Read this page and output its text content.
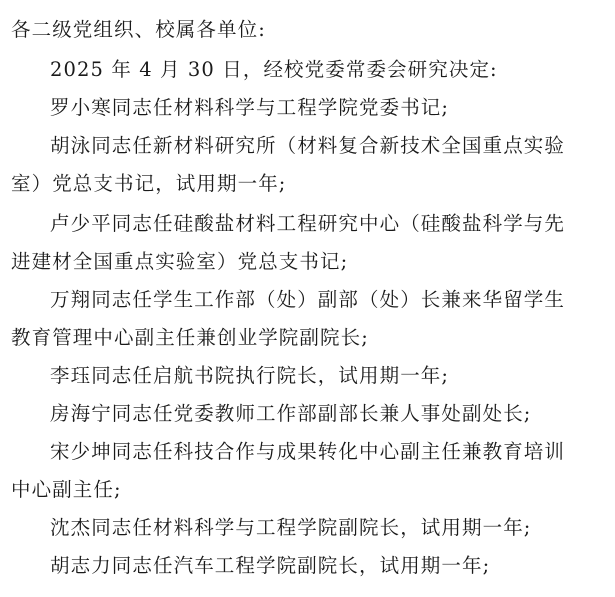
各二级党组织、校属各单位:
2025 年 4 月 30 日，经校党委常委会研究决定:
罗小寒同志任材料科学与工程学院党委书记;
胡泳同志任新材料研究所（材料复合新技术全国重点实验
室）党总支书记，试用期一年;
卢少平同志任硅酸盐材料工程研究中心（硅酸盐科学与先
进建材全国重点实验室）党总支书记;
万翔同志任学生工作部（处）副部（处）长兼来华留学生
教育管理中心副主任兼创业学院副院长;
李珏同志任启航书院执行院长，试用期一年;
房海宁同志任党委教师工作部副部长兼人事处副处长;
宋少坤同志任科技合作与成果转化中心副主任兼教育培训
中心副主任;
沈杰同志任材料科学与工程学院副院长，试用期一年;
胡志力同志任汽车工程学院副院长，试用期一年;
